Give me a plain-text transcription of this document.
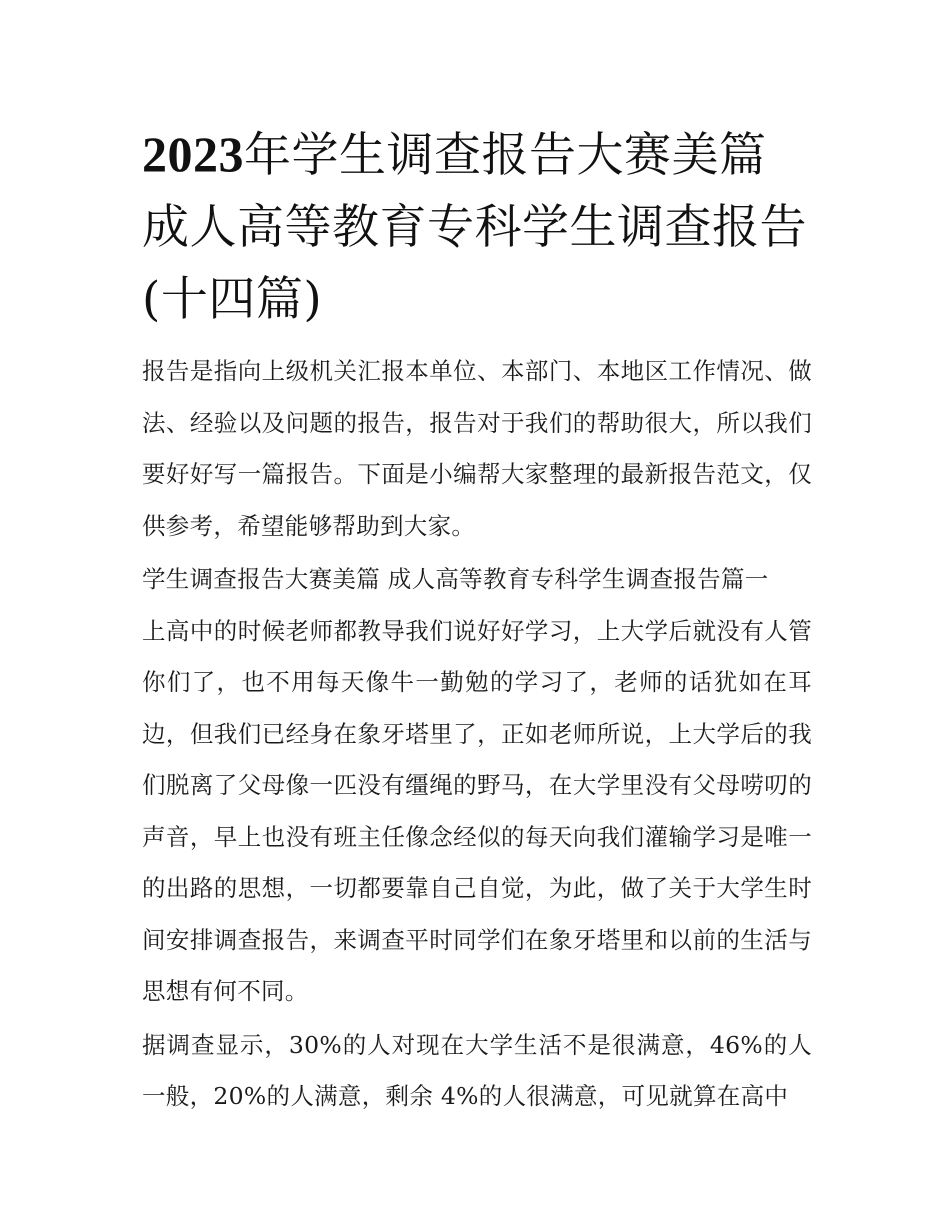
2023年学生调查报告大赛美篇成人高等教育专科学生调查报告(十四篇)

报告是指向上级机关汇报本单位、本部门、本地区工作情况、做法、经验以及问题的报告，报告对于我们的帮助很大，所以我们要好好写一篇报告。下面是小编帮大家整理的最新报告范文，仅供参考，希望能够帮助到大家。

学生调查报告大赛美篇 成人高等教育专科学生调查报告篇一

上高中的时候老师都教导我们说好好学习，上大学后就没有人管你们了，也不用每天像牛一勤勉的学习了，老师的话犹如在耳边，但我们已经身在象牙塔里了，正如老师所说，上大学后的我们脱离了父母像一匹没有缰绳的野马，在大学里没有父母唠叨的声音，早上也没有班主任像念经似的每天向我们灌输学习是唯一的出路的思想，一切都要靠自己自觉，为此，做了关于大学生时间安排调查报告，来调查平时同学们在象牙塔里和以前的生活与思想有何不同。

据调查显示，30%的人对现在大学生活不是很满意，46%的人一般，20%的人满意，剩余 4%的人很满意，可见就算在高中
